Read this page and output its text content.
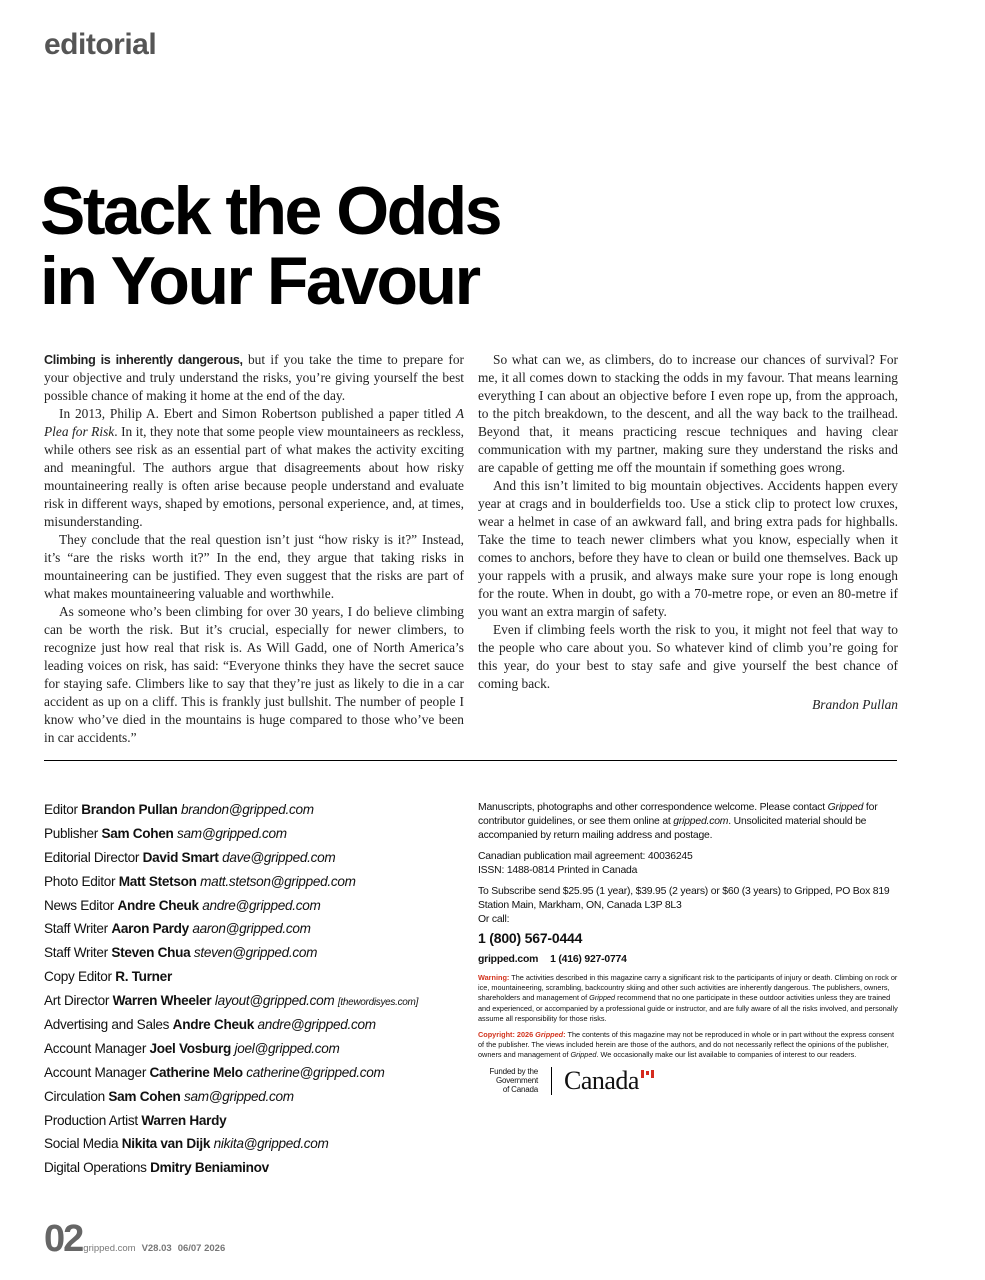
editorial
Stack the Odds
in Your Favour

Climbing is inherently dangerous, but if you take the time to prepare for your objective and truly understand the risks, you’re giving yourself the best possible chance of making it home at the end of the day.

In 2013, Philip A. Ebert and Simon Robertson published a paper titled A Plea for Risk. In it, they note that some people view mountaineers as reckless, while others see risk as an essential part of what makes the activity exciting and meaningful. The authors argue that disagreements about how risky mountaineering really is often arise because people understand and evaluate risk in different ways, shaped by emotions, personal experience, and, at times, misunderstanding.

They conclude that the real question isn’t just “how risky is it?” Instead, it’s “are the risks worth it?” In the end, they argue that taking risks in mountaineering can be justified. They even suggest that the risks are part of what makes mountaineering valuable and worthwhile.

As someone who’s been climbing for over 30 years, I do believe climbing can be worth the risk. But it’s crucial, especially for newer climbers, to recognize just how real that risk is. As Will Gadd, one of North America’s leading voices on risk, has said: “Everyone thinks they have the secret sauce for staying safe. Climbers like to say that they’re just as likely to die in a car accident as up on a cliff. This is frankly just bullshit. The number of people I know who’ve died in the mountains is huge compared to those who’ve been in car accidents.”

So what can we, as climbers, do to increase our chances of survival? For me, it all comes down to stacking the odds in my favour. That means learning everything I can about an objective before I even rope up, from the approach, to the pitch breakdown, to the descent, and all the way back to the trailhead. Beyond that, it means practicing rescue techniques and having clear communication with my partner, making sure they understand the risks and are capable of getting me off the mountain if something goes wrong.

And this isn’t limited to big mountain objectives. Accidents happen every year at crags and in boulderfields too. Use a stick clip to protect low cruxes, wear a helmet in case of an awkward fall, and bring extra pads for highballs. Take the time to teach newer climbers what you know, especially when it comes to anchors, before they have to clean or build one themselves. Back up your rappels with a prusik, and always make sure your rope is long enough for the route. When in doubt, go with a 70-metre rope, or even an 80-metre if you want an extra margin of safety.

Even if climbing feels worth the risk to you, it might not feel that way to the people who care about you. So whatever kind of climb you’re going for this year, do your best to stay safe and give yourself the best chance of coming back.

Brandon Pullan
Editor Brandon Pullan brandon@gripped.com
Publisher Sam Cohen sam@gripped.com
Editorial Director David Smart dave@gripped.com
Photo Editor Matt Stetson matt.stetson@gripped.com
News Editor Andre Cheuk andre@gripped.com
Staff Writer Aaron Pardy aaron@gripped.com
Staff Writer Steven Chua steven@gripped.com
Copy Editor R. Turner
Art Director Warren Wheeler layout@gripped.com [thewordisyes.com]
Advertising and Sales Andre Cheuk andre@gripped.com
Account Manager Joel Vosburg joel@gripped.com
Account Manager Catherine Melo catherine@gripped.com
Circulation Sam Cohen sam@gripped.com
Production Artist Warren Hardy
Social Media Nikita van Dijk nikita@gripped.com
Digital Operations Dmitry Beniaminov

Manuscripts, photographs and other correspondence welcome. Please contact Gripped for contributor guidelines, or see them online at gripped.com. Unsolicited material should be accompanied by return mailing address and postage.

Canadian publication mail agreement: 40036245
ISSN: 1488-0814 Printed in Canada

To Subscribe send $25.95 (1 year), $39.95 (2 years) or $60 (3 years) to Gripped, PO Box 819 Station Main, Markham, ON, Canada L3P 8L3
Or call:

1 (800) 567-0444
gripped.com 1 (416) 927-0774

Warning: The activities described in this magazine carry a significant risk to the participants of injury or death. Climbing on rock or ice, mountaineering, scrambling, backcountry skiing and other such activities are inherently dangerous. The publishers, owners, shareholders and management of Gripped recommend that no one participate in these outdoor activities unless they are trained and experienced, or accompanied by a professional guide or instructor, and are fully aware of all the risks involved, and personally assume all responsibility for those risks.

Copyright: 2026 Gripped: The contents of this magazine may not be reproduced in whole or in part without the express consent of the publisher. The views included herein are those of the authors, and do not necessarily reflect the opinions of the publisher, owners and management of Gripped. We occasionally make our list available to companies of interest to our readers.

Funded by the
Government
of Canada Canada
02gripped.com V28.03 06/07 2026
